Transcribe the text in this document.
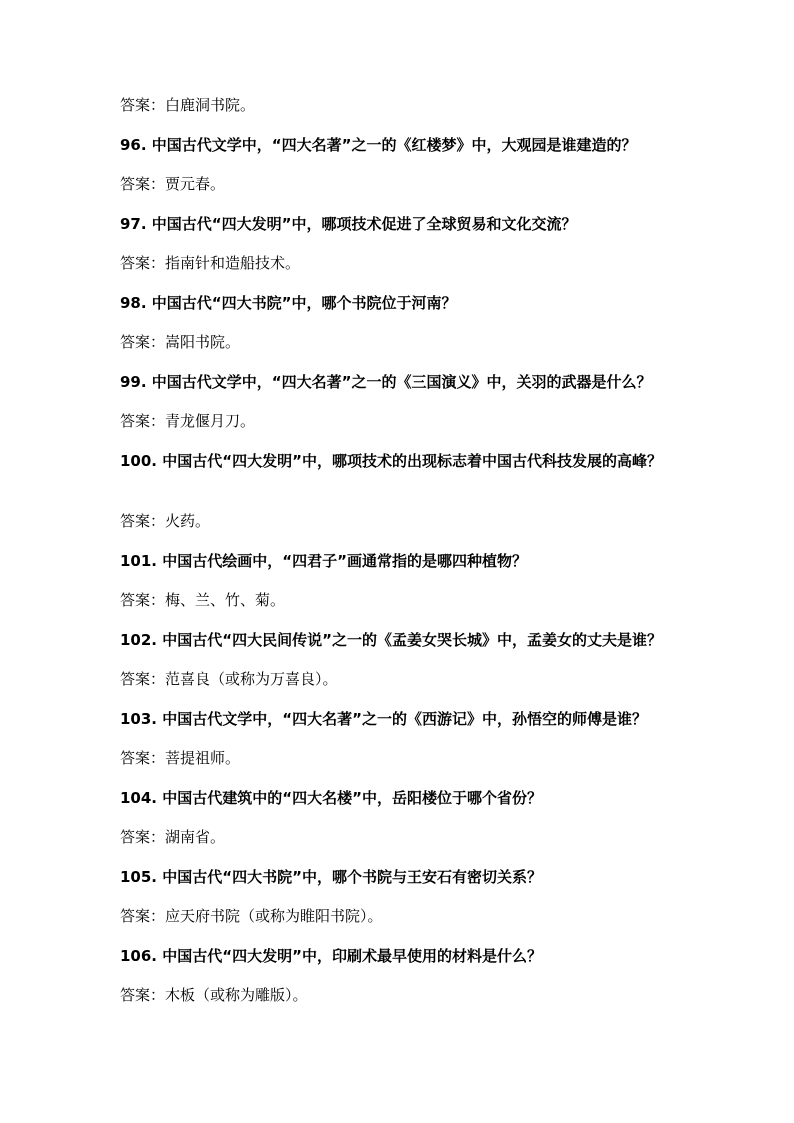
答案：白鹿洞书院。
96. 中国古代文学中，“四大名著”之一的《红楼梦》中，大观园是谁建造的？
答案：贾元春。
97. 中国古代“四大发明”中，哪项技术促进了全球贸易和文化交流？
答案：指南针和造船技术。
98. 中国古代“四大书院”中，哪个书院位于河南？
答案：嵩阳书院。
99. 中国古代文学中，“四大名著”之一的《三国演义》中，关羽的武器是什么？
答案：青龙偃月刀。
100. 中国古代“四大发明”中，哪项技术的出现标志着中国古代科技发展的高峰？
答案：火药。
101. 中国古代绘画中，“四君子”画通常指的是哪四种植物？
答案：梅、兰、竹、菊。
102. 中国古代“四大民间传说”之一的《孟姜女哭长城》中，孟姜女的丈夫是谁？
答案：范喜良（或称为万喜良）。
103. 中国古代文学中，“四大名著”之一的《西游记》中，孙悟空的师傅是谁？
答案：菩提祖师。
104. 中国古代建筑中的“四大名楼”中，岳阳楼位于哪个省份？
答案：湖南省。
105. 中国古代“四大书院”中，哪个书院与王安石有密切关系？
答案：应天府书院（或称为睢阳书院）。
106. 中国古代“四大发明”中，印刷术最早使用的材料是什么？
答案：木板（或称为雕版）。
